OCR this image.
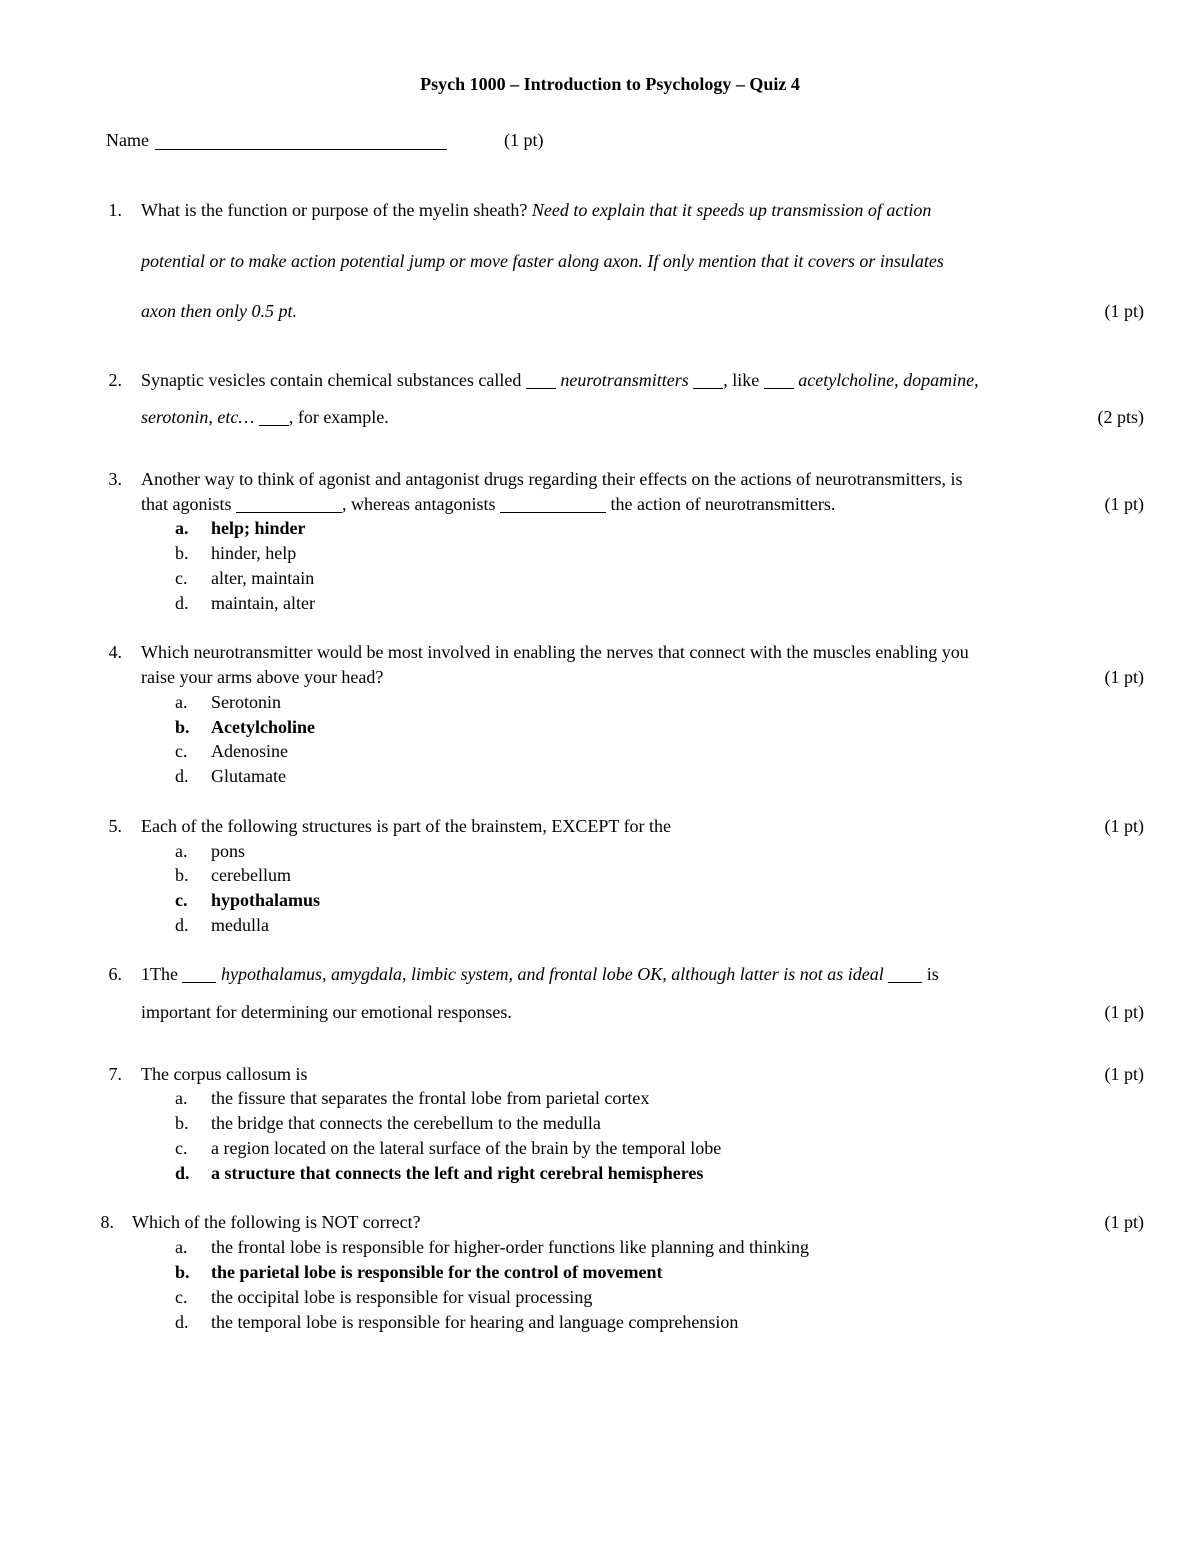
Psych 1000 – Introduction to Psychology – Quiz 4
Name	(1 pt)
1. What is the function or purpose of the myelin sheath? Need to explain that it speeds up transmission of action
potential or to make action potential jump or move faster along axon. If only mention that it covers or insulates
axon then only 0.5 pt.	(1 pt)
2. Synaptic vesicles contain chemical substances called neurotransmitters , like acetylcholine, dopamine,
serotonin, etc… , for example.	(2 pts)
3. Another way to think of agonist and antagonist drugs regarding their effects on the actions of neurotransmitters, is
that agonists	, whereas antagonists	the action of neurotransmitters.	(1 pt)
a.	help; hinder
b.	hinder, help
c.	alter, maintain
d.	maintain, alter
4. Which neurotransmitter would be most involved in enabling the nerves that connect with the muscles enabling you
raise your arms above your head?	(1 pt)
a.	Serotonin
b.	Acetylcholine
c.	Adenosine
d.	Glutamate
5. Each of the following structures is part of the brainstem, EXCEPT for the	(1 pt)
a.	pons
b.	cerebellum
c.	hypothalamus
d.	medulla
6. 1The hypothalamus, amygdala, limbic system, and frontal lobe OK, although latter is not as ideal is
important for determining our emotional responses.	(1 pt)
7. The corpus callosum is	(1 pt)
a.	the fissure that separates the frontal lobe from parietal cortex
b.	the bridge that connects the cerebellum to the medulla
c.	a region located on the lateral surface of the brain by the temporal lobe
d.	a structure that connects the left and right cerebral hemispheres
8. Which of the following is NOT correct?	(1 pt)
a.	the frontal lobe is responsible for higher-order functions like planning and thinking
b.	the parietal lobe is responsible for the control of movement
c.	the occipital lobe is responsible for visual processing
d.	the temporal lobe is responsible for hearing and language comprehension
